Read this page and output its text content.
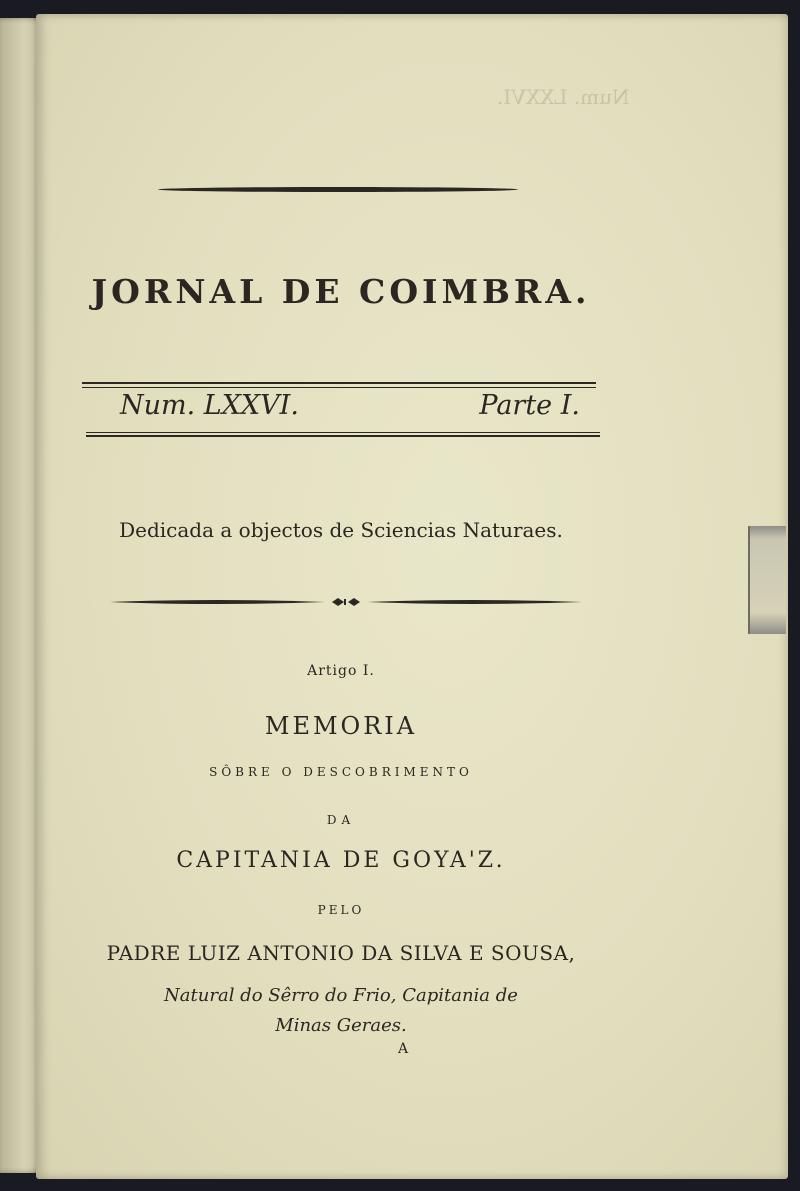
Num. LXXVI.
JORNAL DE COIMBRA.
Num. LXXVI.	Parte I.
Dedicada a objectos de Sciencias Naturaes.
Artigo I.
MEMORIA
SÔBRE O DESCOBRIMENTO
DA
CAPITANIA DE GOYA'Z.
PELO
PADRE LUIZ ANTONIO DA SILVA E SOUSA,
Natural do Sêrro do Frio, Capitania de
Minas Geraes.
A
